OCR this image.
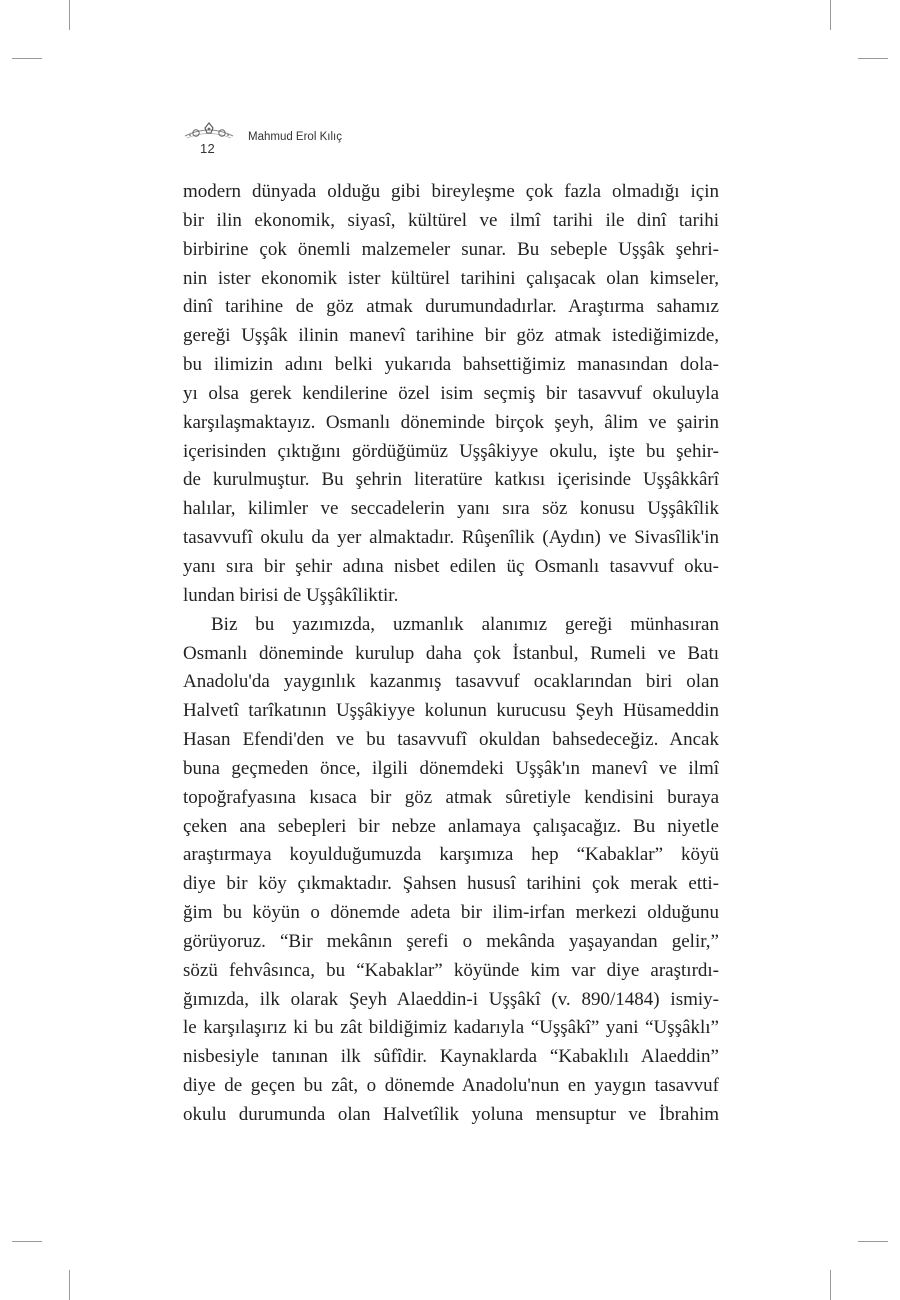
12
Mahmud Erol Kılıç
modern dünyada olduğu gibi bireyleşme çok fazla olmadığı için
bir ilin ekonomik, siyasî, kültürel ve ilmî tarihi ile dinî tarihi
birbirine çok önemli malzemeler sunar. Bu sebeple Uşşâk şehri-
nin ister ekonomik ister kültürel tarihini çalışacak olan kimseler,
dinî tarihine de göz atmak durumundadırlar. Araştırma sahamız
gereği Uşşâk ilinin manevî tarihine bir göz atmak istediğimizde,
bu ilimizin adını belki yukarıda bahsettiğimiz manasından dola-
yı olsa gerek kendilerine özel isim seçmiş bir tasavvuf okuluyla
karşılaşmaktayız. Osmanlı döneminde birçok şeyh, âlim ve şairin
içerisinden çıktığını gördüğümüz Uşşâkiyye okulu, işte bu şehir-
de kurulmuştur. Bu şehrin literatüre katkısı içerisinde Uşşâkkârî
halılar, kilimler ve seccadelerin yanı sıra söz konusu Uşşâkîlik
tasavvufî okulu da yer almaktadır. Rûşenîlik (Aydın) ve Sivasîlik'in
yanı sıra bir şehir adına nisbet edilen üç Osmanlı tasavvuf oku-
lundan birisi de Uşşâkîliktir.
Biz bu yazımızda, uzmanlık alanımız gereği münhasıran
Osmanlı döneminde kurulup daha çok İstanbul, Rumeli ve Batı
Anadolu'da yaygınlık kazanmış tasavvuf ocaklarından biri olan
Halvetî tarîkatının Uşşâkiyye kolunun kurucusu Şeyh Hüsameddin
Hasan Efendi'den ve bu tasavvufî okuldan bahsedeceğiz. Ancak
buna geçmeden önce, ilgili dönemdeki Uşşâk'ın manevî ve ilmî
topoğrafyasına kısaca bir göz atmak sûretiyle kendisini buraya
çeken ana sebepleri bir nebze anlamaya çalışacağız. Bu niyetle
araştırmaya koyulduğumuzda karşımıza hep “Kabaklar” köyü
diye bir köy çıkmaktadır. Şahsen hususî tarihini çok merak etti-
ğim bu köyün o dönemde adeta bir ilim-irfan merkezi olduğunu
görüyoruz. “Bir mekânın şerefi o mekânda yaşayandan gelir,”
sözü fehvâsınca, bu “Kabaklar” köyünde kim var diye araştırdı-
ğımızda, ilk olarak Şeyh Alaeddin-i Uşşâkî (v. 890/1484) ismiy-
le karşılaşırız ki bu zât bildiğimiz kadarıyla “Uşşâkî” yani “Uşşâklı”
nisbesiyle tanınan ilk sûfîdir. Kaynaklarda “Kabaklılı Alaeddin”
diye de geçen bu zât, o dönemde Anadolu'nun en yaygın tasavvuf
okulu durumunda olan Halvetîlik yoluna mensuptur ve İbrahim
